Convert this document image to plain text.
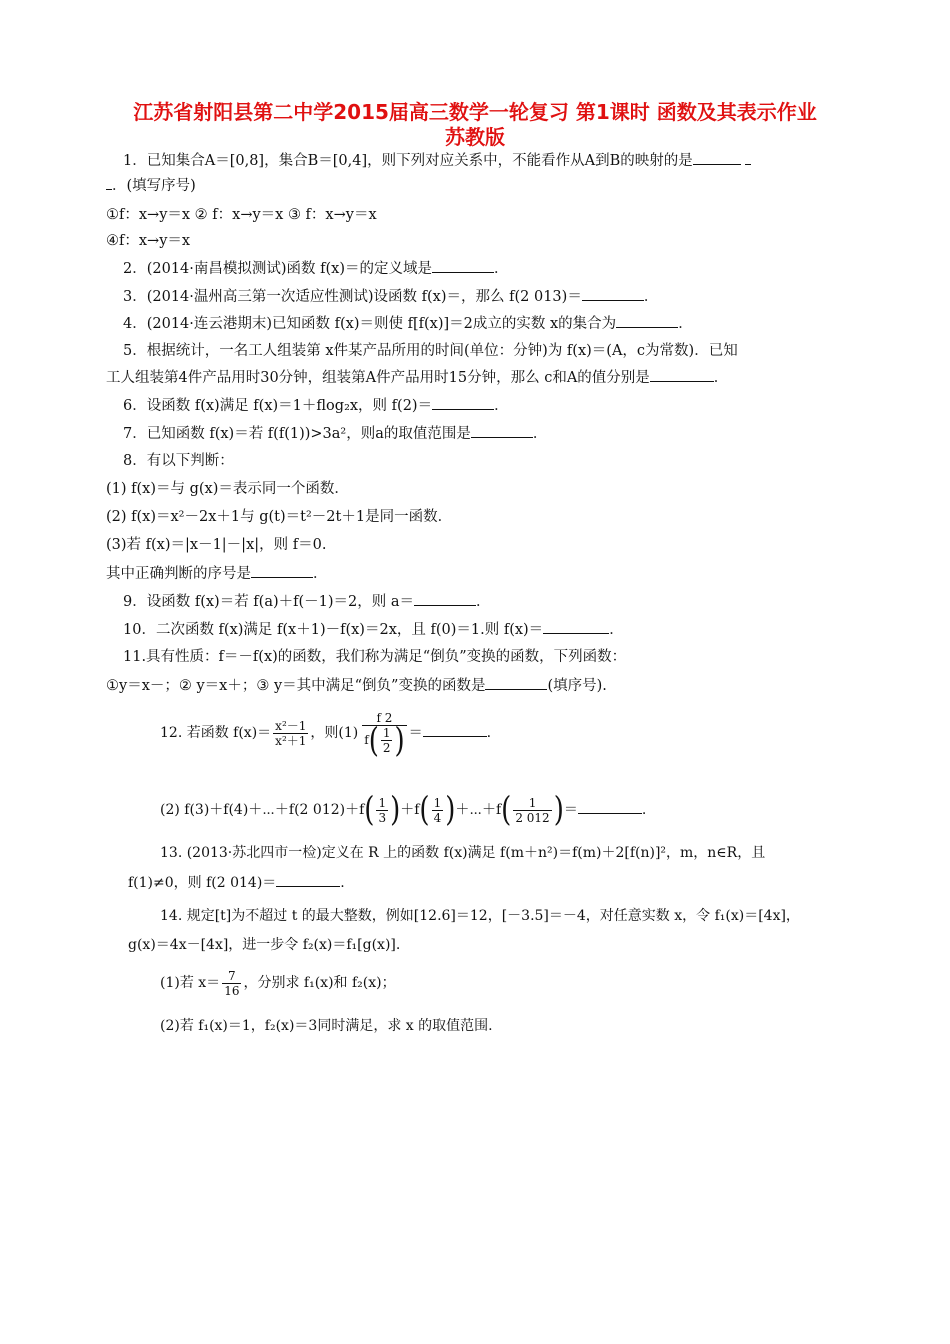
江苏省射阳县第二中学2015届高三数学一轮复习 第1课时 函数及其表示作业
苏教版
1．已知集合A＝[0,8]，集合B＝[0,4]，则下列对应关系中，不能看作从A到B的映射的是
．(填写序号)
①f：x→y＝x ② f：x→y＝x ③ f：x→y＝x
④f：x→y＝x
2．(2014·南昌模拟测试)函数 f(x)＝的定义域是	．
3．(2014·温州高三第一次适应性测试)设函数 f(x)＝，那么 f(2 013)＝	．
4．(2014·连云港期末)已知函数 f(x)＝则使 f[f(x)]＝2成立的实数 x的集合为	．
5．根据统计，一名工人组装第 x件某产品所用的时间(单位：分钟)为 f(x)＝(A，c为常数)．已知
工人组装第4件产品用时30分钟，组装第A件产品用时15分钟，那么 c和A的值分别是	．
6．设函数 f(x)满足 f(x)＝1＋flog₂x，则 f(2)＝	．
7．已知函数 f(x)＝若 f(f(1))>3a²，则a的取值范围是	．
8．有以下判断：
(1) f(x)＝与 g(x)＝表示同一个函数．
(2) f(x)＝x²－2x＋1与 g(t)＝t²－2t＋1是同一函数．
(3)若 f(x)＝|x－1|－|x|，则 f＝0.
其中正确判断的序号是	．
9．设函数 f(x)＝若 f(a)＋f(－1)＝2，则 a＝	．
10．二次函数 f(x)满足 f(x＋1)－f(x)＝2x，且 f(0)＝1.则 f(x)＝	．
11.具有性质：f＝－f(x)的函数，我们称为满足“倒负”变换的函数，下列函数：
①y＝x－；② y＝x＋；③ y＝其中满足“倒负”变换的函数是	(填序号).
12. 若函数 $f(x)= \frac{\text{x²－1}}{\text{x²＋1}}$ ，则$(1) \frac{f 2}{f( \frac{1}{2} )}$ ＝	.
(2) f(3)＋f(4)＋⋯＋f(2 $012)+f( \frac{1}{3} )+f( \frac{1}{4}$ )＋⋯＋f( $\frac{1}{2 012}$ )＝	.
13. (2013·苏北四市一检)定义在 R 上的函数 f(x)满足 f(m＋n²)＝f(m)＋2[f(n)]²，m，n∈R，且
f(1)≠0，则 f(2 014)＝	.
14. 规定[t]为不超过 t 的最大整数，例如[12.6]＝12，[－3.5]＝－4，对任意实数 x，令 f₁(x)＝[4x]，
g(x)＝4x－[4x]，进一步令 f₂(x)＝f₁[g(x)].
(1)若 $x= \frac{7}{16}$ ，分别求 f₁(x)和 f₂(x)；
(2)若 f₁(x)＝1，f₂(x)＝3同时满足，求 x 的取值范围.
